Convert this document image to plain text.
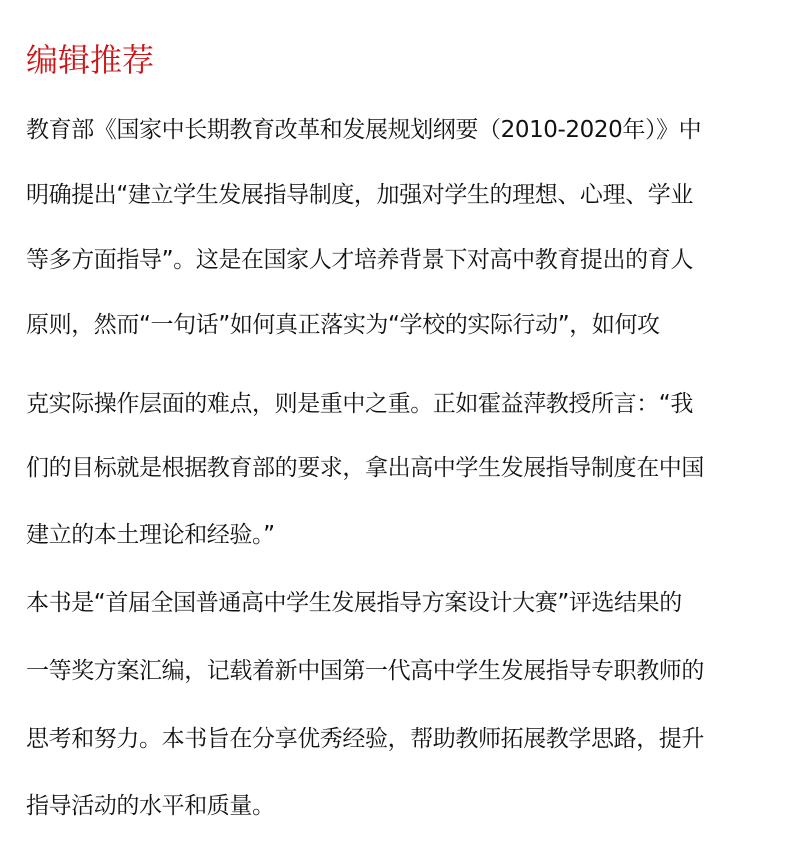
编辑推荐
教育部《国家中长期教育改革和发展规划纲要（2010-2020年）》中
明确提出“建立学生发展指导制度，加强对学生的理想、心理、学业
等多方面指导”。这是在国家人才培养背景下对高中教育提出的育人
原则，然而“一句话”如何真正落实为“学校的实际行动”，如何攻
克实际操作层面的难点，则是重中之重。正如霍益萍教授所言：“我
们的目标就是根据教育部的要求，拿出高中学生发展指导制度在中国
建立的本土理论和经验。”
本书是“首届全国普通高中学生发展指导方案设计大赛”评选结果的
一等奖方案汇编，记载着新中国第一代高中学生发展指导专职教师的
思考和努力。本书旨在分享优秀经验，帮助教师拓展教学思路，提升
指导活动的水平和质量。
